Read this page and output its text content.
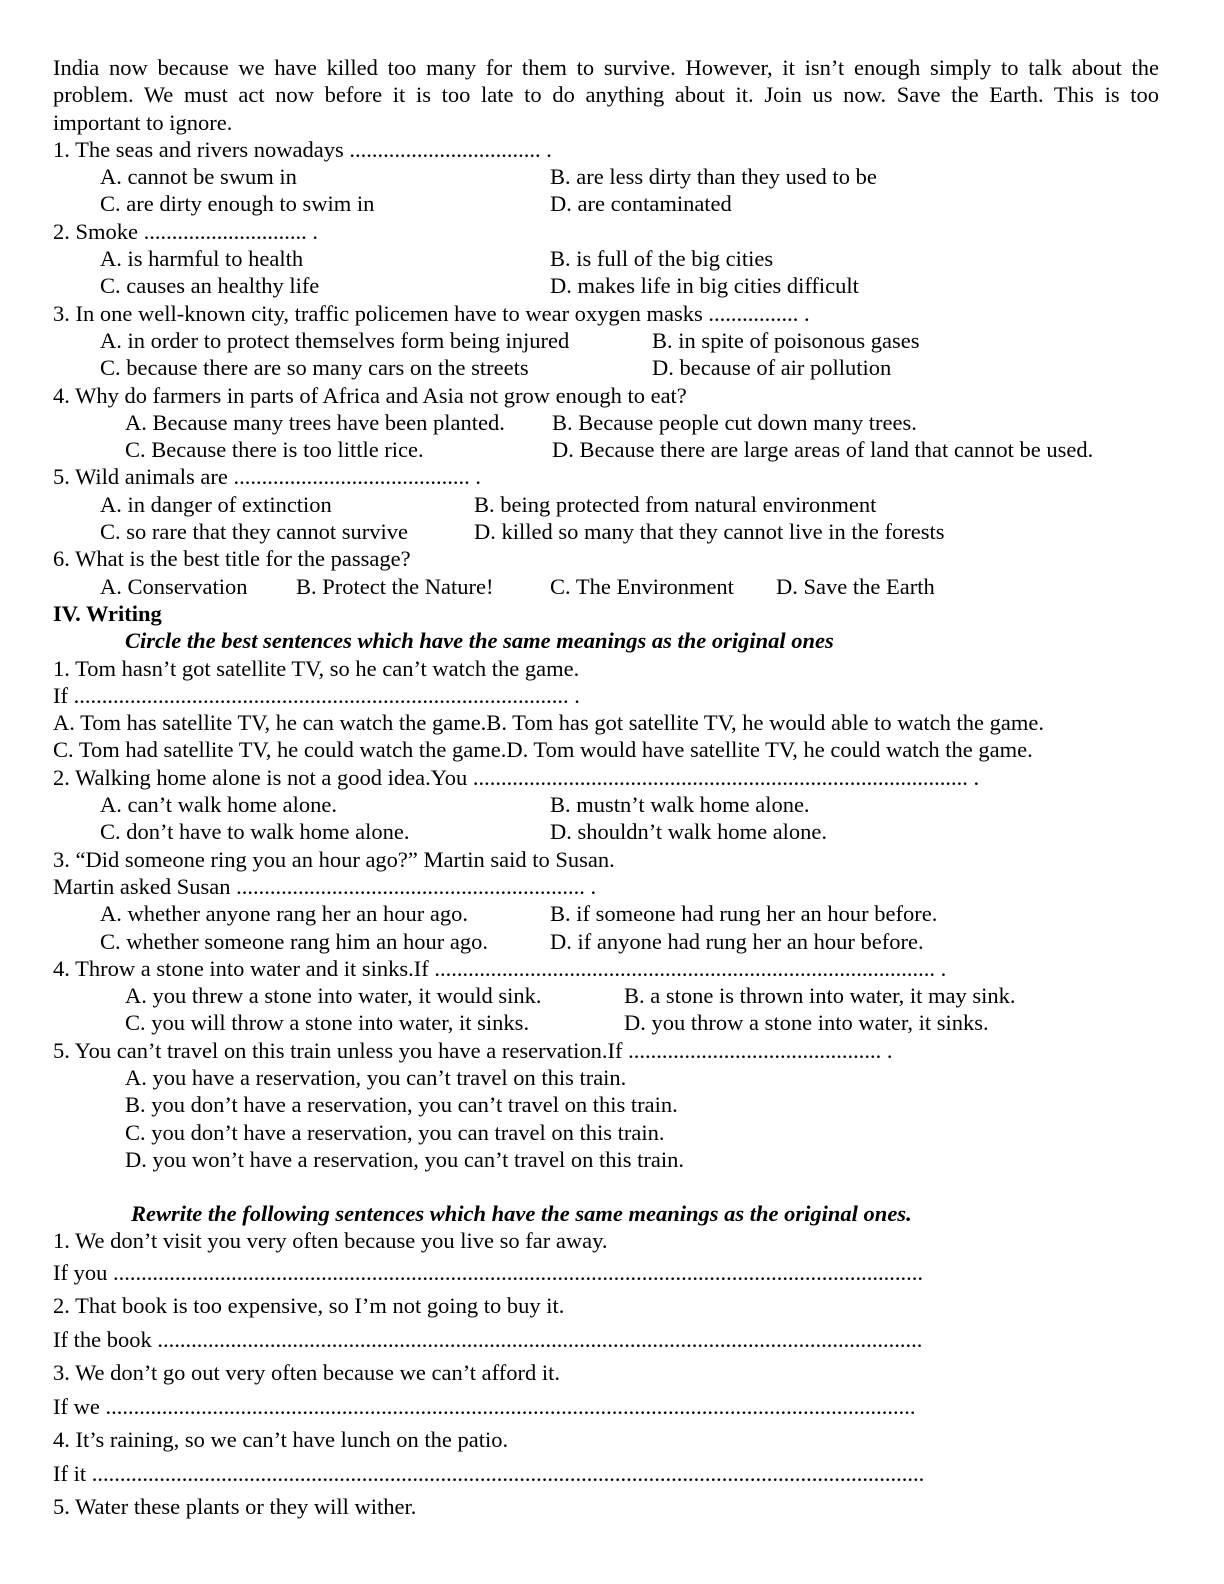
India now because we have killed too many for them to survive. However, it isn’t enough simply to talk about the
problem. We must act now before it is too late to do anything about it. Join us now. Save the Earth. This is too
important to ignore.
1. The seas and rivers nowadays .................................. .
A. cannot be swum in	B. are less dirty than they used to be
C. are dirty enough to swim in	D. are contaminated
2. Smoke ............................. .
A. is harmful to health	B. is full of the big cities
C. causes an healthy life	D. makes life in big cities difficult
3. In one well-known city, traffic policemen have to wear oxygen masks ................ .
A. in order to protect themselves form being injured	B. in spite of poisonous gases
C. because there are so many cars on the streets	D. because of air pollution
4. Why do farmers in parts of Africa and Asia not grow enough to eat?
A. Because many trees have been planted. B. Because people cut down many trees.
C. Because there is too little rice.	D. Because there are large areas of land that cannot be used.
5. Wild animals are .......................................... .
A. in danger of extinction	B. being protected from natural environment
C. so rare that they cannot survive	D. killed so many that they cannot live in the forests
6. What is the best title for the passage?
A. Conservation B. Protect the Nature!	C. The Environment D. Save the Earth
IV. Writing
Circle the best sentences which have the same meanings as the original ones
1. Tom hasn’t got satellite TV, so he can’t watch the game.
If ........................................................................................ .
A. Tom has satellite TV, he can watch the game.B. Tom has got satellite TV, he would able to watch the game.
C. Tom had satellite TV, he could watch the game.D. Tom would have satellite TV, he could watch the game.
2. Walking home alone is not a good idea.You ........................................................................................ .
A. can’t walk home alone.	B. mustn’t walk home alone.
C. don’t have to walk home alone.	D. shouldn’t walk home alone.
3. “Did someone ring you an hour ago?” Martin said to Susan.
Martin asked Susan .............................................................. .
A. whether anyone rang her an hour ago.	B. if someone had rung her an hour before.
C. whether someone rang him an hour ago.	D. if anyone had rung her an hour before.
4. Throw a stone into water and it sinks.If ......................................................................................... .
A. you threw a stone into water, it would sink.	B. a stone is thrown into water, it may sink.
C. you will throw a stone into water, it sinks.	D. you throw a stone into water, it sinks.
5. You can’t travel on this train unless you have a reservation.If ............................................. .
A. you have a reservation, you can’t travel on this train.
B. you don’t have a reservation, you can’t travel on this train.
C. you don’t have a reservation, you can travel on this train.
D. you won’t have a reservation, you can’t travel on this train.
Rewrite the following sentences which have the same meanings as the original ones.
1. We don’t visit you very often because you live so far away.
If you ................................................................................................................................................
2. That book is too expensive, so I’m not going to buy it.
If the book ........................................................................................................................................
3. We don’t go out very often because we can’t afford it.
If we ................................................................................................................................................
4. It’s raining, so we can’t have lunch on the patio.
If it ....................................................................................................................................................
5. Water these plants or they will wither.
